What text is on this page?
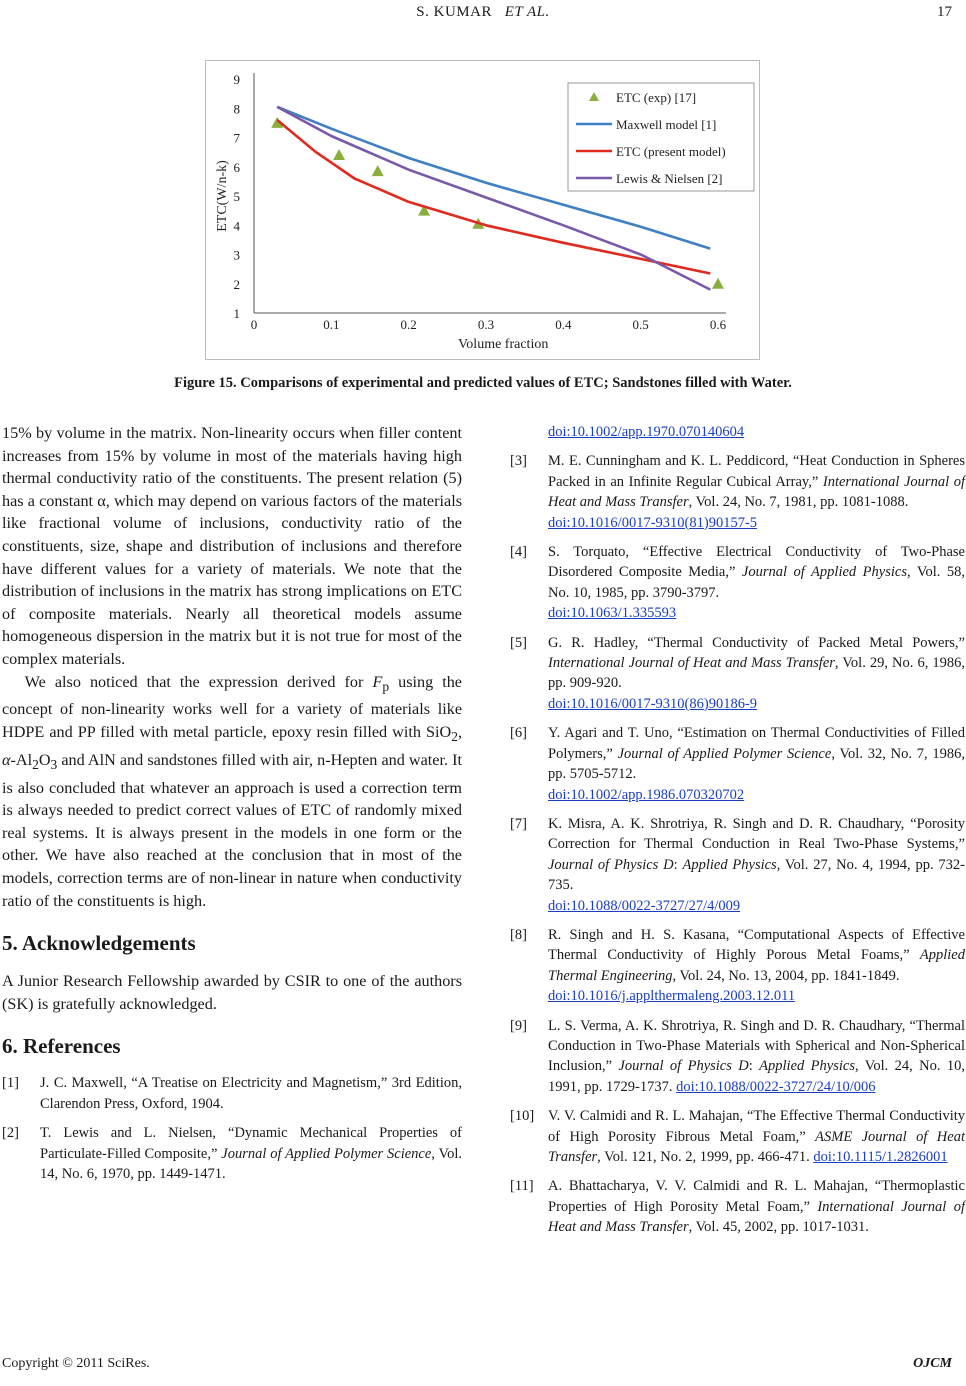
S. KUMAR ET AL.	17
1
2
3
4
5
6
7
8
9
0	0.1	0.2	0.3	0.4	0.5	0.6
Volume fraction
ETC(W/n-k)
ETC (exp) [17]
Maxwell model [1]
ETC (present model)
Lewis & Nielsen [2]
Figure 15. Comparisons of experimental and predicted values of ETC; Sandstones filled with Water.

15% by volume in the matrix. Non-linearity occurs when filler content increases from 15% by volume in most of the materials having high thermal conductivity ratio of the constituents. The present relation (5) has a constant α, which may depend on various factors of the materials like fractional volume of inclusions, conductivity ratio of the constituents, size, shape and distribution of inclusions and therefore have different values for a variety of materials. We note that the distribution of inclusions in the matrix has strong implications on ETC of composite materials. Nearly all theoretical models assume homogeneous dispersion in the matrix but it is not true for most of the complex materials.

We also noticed that the expression derived for $F_p$ using the concept of non-linearity works well for a variety of materials like HDPE and PP filled with metal particle, epoxy resin filled with SiO$_2$, $\alpha-Al_2O_3$ and AlN and sandstones filled with air, n-Hepten and water. It is also concluded that whatever an approach is used a correction term is always needed to predict correct values of ETC of randomly mixed real systems. It is always present in the models in one form or the other. We have also reached at the conclusion that in most of the models, correction terms are of non-linear in nature when conductivity ratio of the constituents is high.

5. Acknowledgements

A Junior Research Fellowship awarded by CSIR to one of the authors (SK) is gratefully acknowledged.

6. References
[1] J. C. Maxwell, “A Treatise on Electricity and Magnetism,” 3rd Edition, Clarendon Press, Oxford, 1904.
[2] T. Lewis and L. Nielsen, “Dynamic Mechanical Properties of Particulate-Filled Composite,” Journal of Applied Polymer Science, Vol. 14, No. 6, 1970, pp. 1449-1471.
doi:10.1002/app.1970.070140604
[3] M. E. Cunningham and K. L. Peddicord, “Heat Conduction in Spheres Packed in an Infinite Regular Cubical Array,” International Journal of Heat and Mass Transfer, Vol. 24, No. 7, 1981, pp. 1081-1088.
doi:10.1016/0017-9310(81)90157-5
[4] S. Torquato, “Effective Electrical Conductivity of Two-Phase Disordered Composite Media,” Journal of Applied Physics, Vol. 58, No. 10, 1985, pp. 3790-3797.
doi:10.1063/1.335593
[5] G. R. Hadley, “Thermal Conductivity of Packed Metal Powers,” International Journal of Heat and Mass Transfer, Vol. 29, No. 6, 1986, pp. 909-920.
doi:10.1016/0017-9310(86)90186-9
[6] Y. Agari and T. Uno, “Estimation on Thermal Conductivities of Filled Polymers,” Journal of Applied Polymer Science, Vol. 32, No. 7, 1986, pp. 5705-5712.
doi:10.1002/app.1986.070320702
[7] K. Misra, A. K. Shrotriya, R. Singh and D. R. Chaudhary, “Porosity Correction for Thermal Conduction in Real Two-Phase Systems,” Journal of Physics D: Applied Physics, Vol. 27, No. 4, 1994, pp. 732-735.
doi:10.1088/0022-3727/27/4/009
[8] R. Singh and H. S. Kasana, “Computational Aspects of Effective Thermal Conductivity of Highly Porous Metal Foams,” Applied Thermal Engineering, Vol. 24, No. 13, 2004, pp. 1841-1849.
doi:10.1016/j.applthermaleng.2003.12.011
[9] L. S. Verma, A. K. Shrotriya, R. Singh and D. R. Chaudhary, “Thermal Conduction in Two-Phase Materials with Spherical and Non-Spherical Inclusion,” Journal of Physics D: Applied Physics, Vol. 24, No. 10, 1991, pp. 1729-1737. doi:10.1088/0022-3727/24/10/006
[10] V. V. Calmidi and R. L. Mahajan, “The Effective Thermal Conductivity of High Porosity Fibrous Metal Foam,” ASME Journal of Heat Transfer, Vol. 121, No. 2, 1999, pp. 466-471. doi:10.1115/1.2826001
[11] A. Bhattacharya, V. V. Calmidi and R. L. Mahajan, “Thermoplastic Properties of High Porosity Metal Foam,” International Journal of Heat and Mass Transfer, Vol. 45, 2002, pp. 1017-1031.
Copyright © 2011 SciRes.	OJCM
